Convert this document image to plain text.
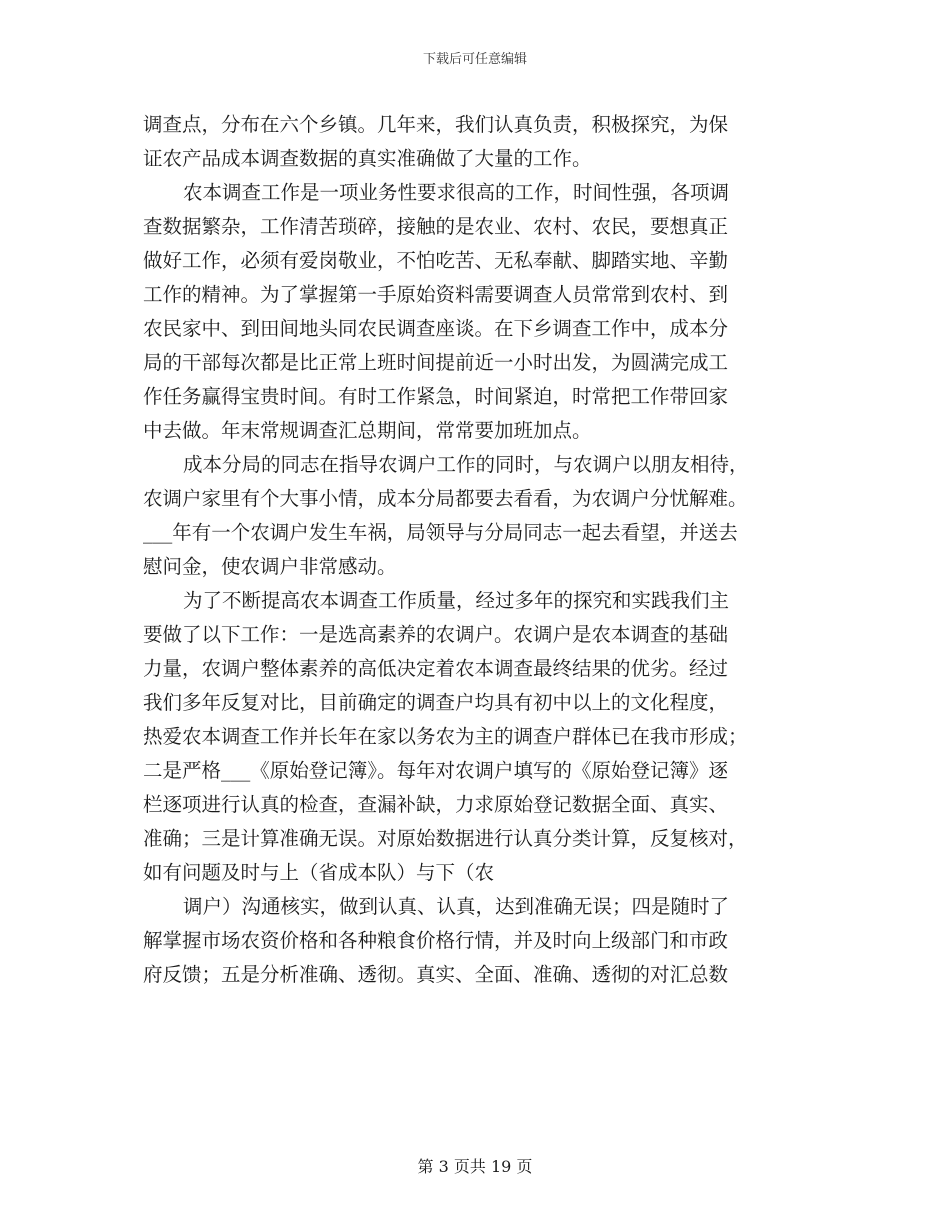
下载后可任意编辑
调查点，分布在六个乡镇。几年来，我们认真负责，积极探究，为保
证农产品成本调查数据的真实准确做了大量的工作。
农本调查工作是一项业务性要求很高的工作，时间性强，各项调
查数据繁杂，工作清苦琐碎，接触的是农业、农村、农民，要想真正
做好工作，必须有爱岗敬业，不怕吃苦、无私奉献、脚踏实地、辛勤
工作的精神。为了掌握第一手原始资料需要调查人员常常到农村、到
农民家中、到田间地头同农民调查座谈。在下乡调查工作中，成本分
局的干部每次都是比正常上班时间提前近一小时出发，为圆满完成工
作任务赢得宝贵时间。有时工作紧急，时间紧迫，时常把工作带回家
中去做。年末常规调查汇总期间，常常要加班加点。
成本分局的同志在指导农调户工作的同时，与农调户以朋友相待，
农调户家里有个大事小情，成本分局都要去看看，为农调户分忧解难。
___年有一个农调户发生车祸，局领导与分局同志一起去看望，并送去
慰问金，使农调户非常感动。
为了不断提高农本调查工作质量，经过多年的探究和实践我们主
要做了以下工作：一是选高素养的农调户。农调户是农本调查的基础
力量，农调户整体素养的高低决定着农本调查最终结果的优劣。经过
我们多年反复对比，目前确定的调查户均具有初中以上的文化程度，
热爱农本调查工作并长年在家以务农为主的调查户群体已在我市形成；
二是严格___《原始登记簿》。每年对农调户填写的《原始登记簿》逐
栏逐项进行认真的检查，查漏补缺，力求原始登记数据全面、真实、
准确；三是计算准确无误。对原始数据进行认真分类计算，反复核对，
如有问题及时与上（省成本队）与下（农
调户）沟通核实，做到认真、认真，达到准确无误；四是随时了
解掌握市场农资价格和各种粮食价格行情，并及时向上级部门和市政
府反馈；五是分析准确、透彻。真实、全面、准确、透彻的对汇总数
第 3 页共 19 页
